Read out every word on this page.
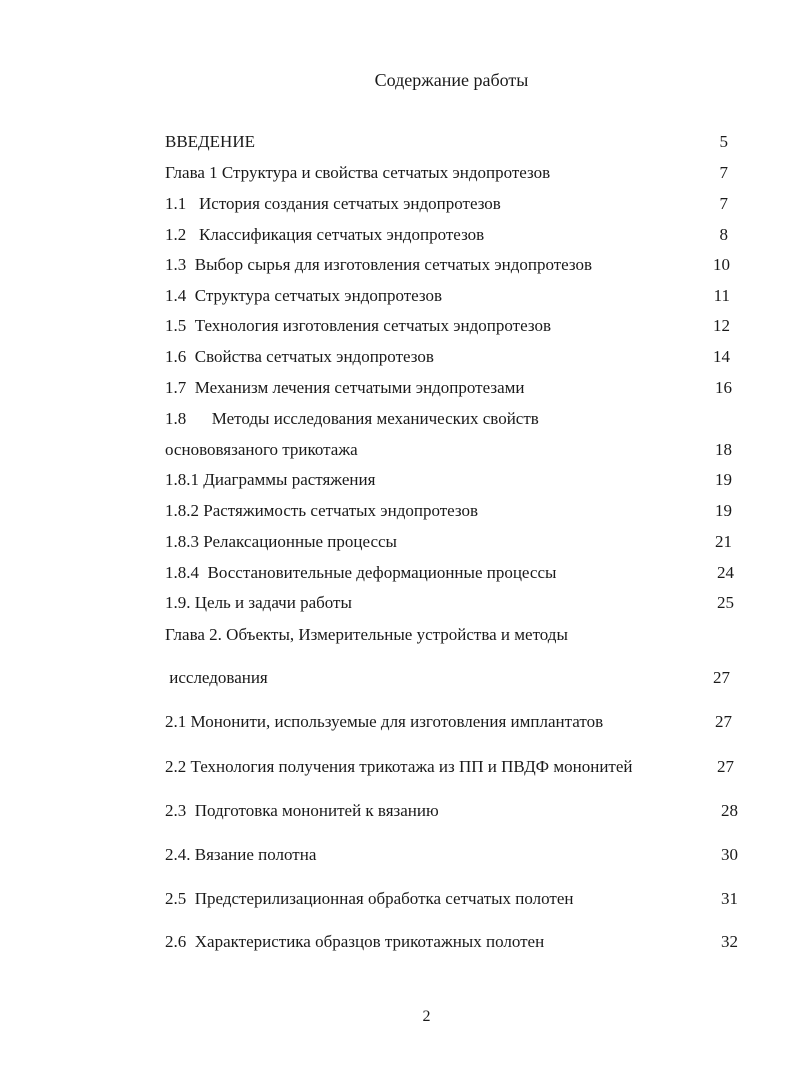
Содержание работы
ВВЕДЕНИЕ	5
Глава 1 Структура и свойства сетчатых эндопротезов	7
1.1   История создания сетчатых эндопротезов	7
1.2   Классификация сетчатых эндопротезов	8
1.3  Выбор сырья для изготовления сетчатых эндопротезов	10
1.4  Структура сетчатых эндопротезов	11
1.5  Технология изготовления сетчатых эндопротезов	12
1.6  Свойства сетчатых эндопротезов	14
1.7  Механизм лечения сетчатыми эндопротезами	16
1.8      Методы исследования механических свойств
основовязаного трикотажа	18
1.8.1 Диаграммы растяжения	19
1.8.2 Растяжимость сетчатых эндопротезов	19
1.8.3 Релаксационные процессы	21
1.8.4  Восстановительные деформационные процессы	24
1.9. Цель и задачи работы	25
Глава 2. Объекты, Измерительные устройства и методы
исследования	27
2.1 Мононити, используемые для изготовления имплантатов	27
2.2 Технология получения трикотажа из ПП и ПВДФ мононитей	27
2.3  Подготовка мононитей к вязанию	28
2.4. Вязание полотна	30
2.5  Предстерилизационная обработка сетчатых полотен	31
2.6  Характеристика образцов трикотажных полотен	32
2
